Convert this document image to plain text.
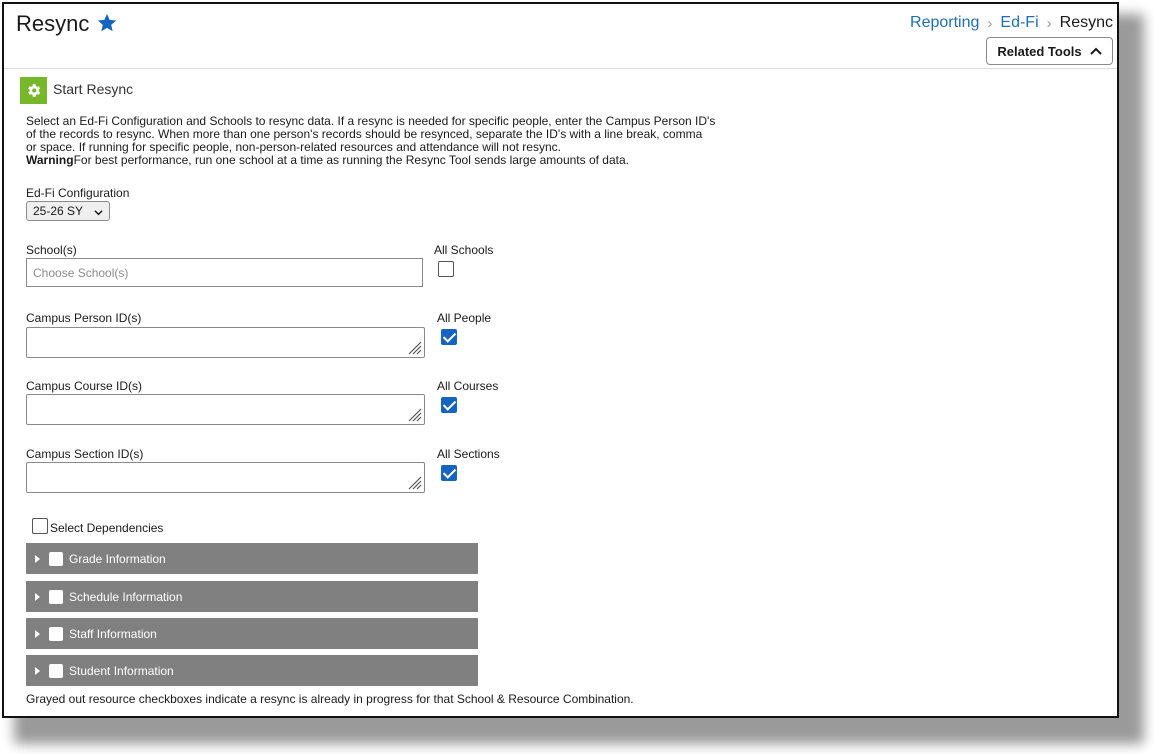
Resync	Reporting › Ed-Fi › Resync
Related Tools
Start Resync
Select an Ed-Fi Configuration and Schools to resync data. If a resync is needed for specific people, enter the Campus Person ID's of the records to resync. When more than one person's records should be resynced, separate the ID's with a line break, comma or space. If running for specific people, non-person-related resources and attendance will not resync.
WarningFor best performance, run one school at a time as running the Resync Tool sends large amounts of data.
Ed-Fi Configuration
25-26 SY
School(s)
Choose School(s)
All Schools
Campus Person ID(s)	All People
Campus Course ID(s)	All Courses
Campus Section ID(s)	All Sections
Select Dependencies
Grade Information
Schedule Information
Staff Information
Student Information
Grayed out resource checkboxes indicate a resync is already in progress for that School & Resource Combination.
